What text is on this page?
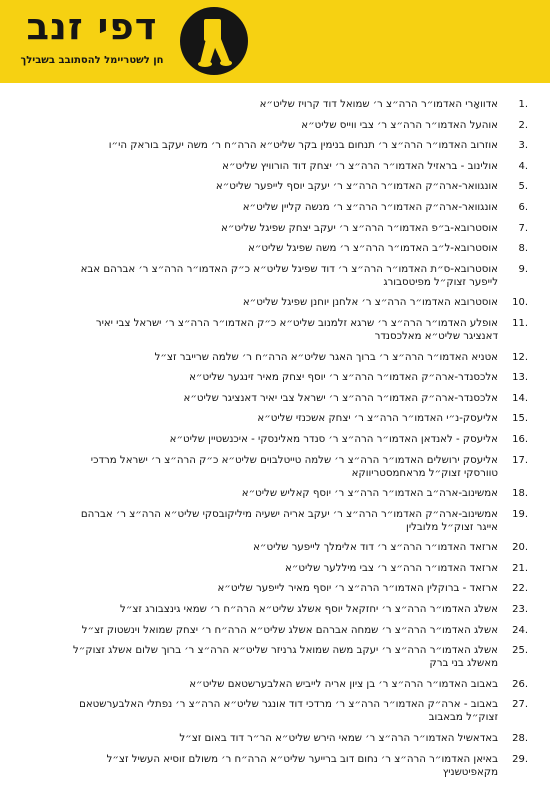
דפי זנב
חן לשטריימל להסתובב בשבילך
1.
אדוואָרי האדמו״ר הרה״צ ר׳ שמואל דוד קרויז שליט״א
2.
אוהעל האדמו״ר הרה״צ ר׳ צבי ווייס שליט״א
3.
אוזרוב האדמו״ר הרה״צ ר׳ תנחום בנימין בקר שליט״א הרה״ח ר׳ משה יעקב בוראק הי״ו
4.
אולינוב - בראזיל האדמו״ר הרה״צ ר׳ יצחק דוד הורוויץ שליט״א
5.
אונגוואר-ארה״ק האדמו״ר הרה״צ ר׳ יעקב יוסף לייפער שליט״א
6.
אונגוואר-ארה״ק האדמו״ר הרה״צ ר׳ מנשה קליין שליט״א
7.
אוסטרובא-ב״פ האדמו״ר הרה״צ ר׳ יעקב יצחק שפיגל שליט״א
8.
אוסטרובא-ל״ב האדמו״ר הרה״צ ר׳ משה שפיגל שליט״א
9.
אוסטרובא-ס״ת האדמו״ר הרה״צ ר׳ דוד שפיגל שליט״א כ״ק האדמו״ר הרה״צ ר׳ אברהם אבא לייפער זצוק״ל מפיטסבורג
10.
אוסטרובא האדמו״ר הרה״צ ר׳ אלחנן יוחנן שפיגל שליט״א
11.
אופלע האדמו״ר הרה״צ ר׳ שרגא זלמנוב שליט״א כ״ק האדמו״ר הרה״צ ר׳ ישראל צבי יאיר דאנציגר שליט״א מאלכסנדר
12.
אטניא האדמו״ר הרה״צ ר׳ ברוך האגר שליט״א הרה״ח ר׳ שלמה שרייבר זצ״ל
13.
אלכסנדר-ארה״ק האדמו״ר הרה״צ ר׳ יוסף יצחק מאיר זינגער שליט״א
14.
אלכסנדר-ארה״ק האדמו״ר הרה״צ ר׳ ישראל צבי יאיר דאנציגר שליט״א
15.
אליעסק-נ״י האדמו״ר הרה״צ ר׳ יצחק אשכנזי שליט״א
16.
אליעסק - לאנדאן האדמו״ר הרה״צ ר׳ סנדר מאלינסקי - איכנשטיין שליט״א
17.
אליעסק ירושלים האדמו״ר הרה״צ ר׳ שלמה טייטלבוים שליט״א כ״ק הרה״צ ר׳ ישראל מרדכי טוורסקי זצוק״ל מראחמסטריווקא
18.
אמשינוב-ארה״ב האדמו״ר הרה״צ ר׳ יוסף קאליש שליט״א
19.
אמשינוב-ארה״ק האדמו״ר הרה״צ ר׳ יעקב אריה ישעיה מיליקובסקי שליט״א הרה״צ ר׳ אברהם אייגר זצוק״ל מלובלין
20.
ארזאד האדמו״ר הרה״צ ר׳ דוד אלימלך לייפער שליט״א
21.
ארזאד האדמו״ר הרה״צ ר׳ צבי מיללער שליט״א
22.
ארזאד - ברוקלין האדמו״ר הרה״צ ר׳ יוסף מאיר לייפער שליט״א
23.
אשלג האדמו״ר הרה״צ ר׳ יחזקאל יוסף אשלג שליט״א הרה״ח ר׳ שמאי גינצבורג זצ״ל
24.
אשלג האדמו״ר הרה״צ ר׳ שמחה אברהם אשלג שליט״א הרה״ח ר׳ יצחק שמואל וינשטוק זצ״ל
25.
אשלג האדמו״ר הרה״צ ר׳ יעקב משה שמואל גרניזר שליט״א הרה״צ ר׳ ברוך שלום אשלג זצוק״ל מאשלג בני ברק
26.
באבוב האדמו״ר הרה״צ ר׳ בן ציון אריה לייביש האלבערשטאם שליט״א
27.
באבוב - ארה״ק האדמו״ר הרה״צ ר׳ מרדכי דוד אונגר שליט״א הרה״צ ר׳ נפתלי האלבערשטאם זצוק״ל מבאבוב
28.
באדאשיל האדמו״ר הרה״צ ר׳ שמאי הירש שליט״א הר״ר דוד באום זצ״ל
29.
באיאן האדמו״ר הרה״צ ר׳ נחום דוב ברייער שליט״א הרה״ח ר׳ משולם זוסיא העשיל זצ״ל מקאפיטשניץ
